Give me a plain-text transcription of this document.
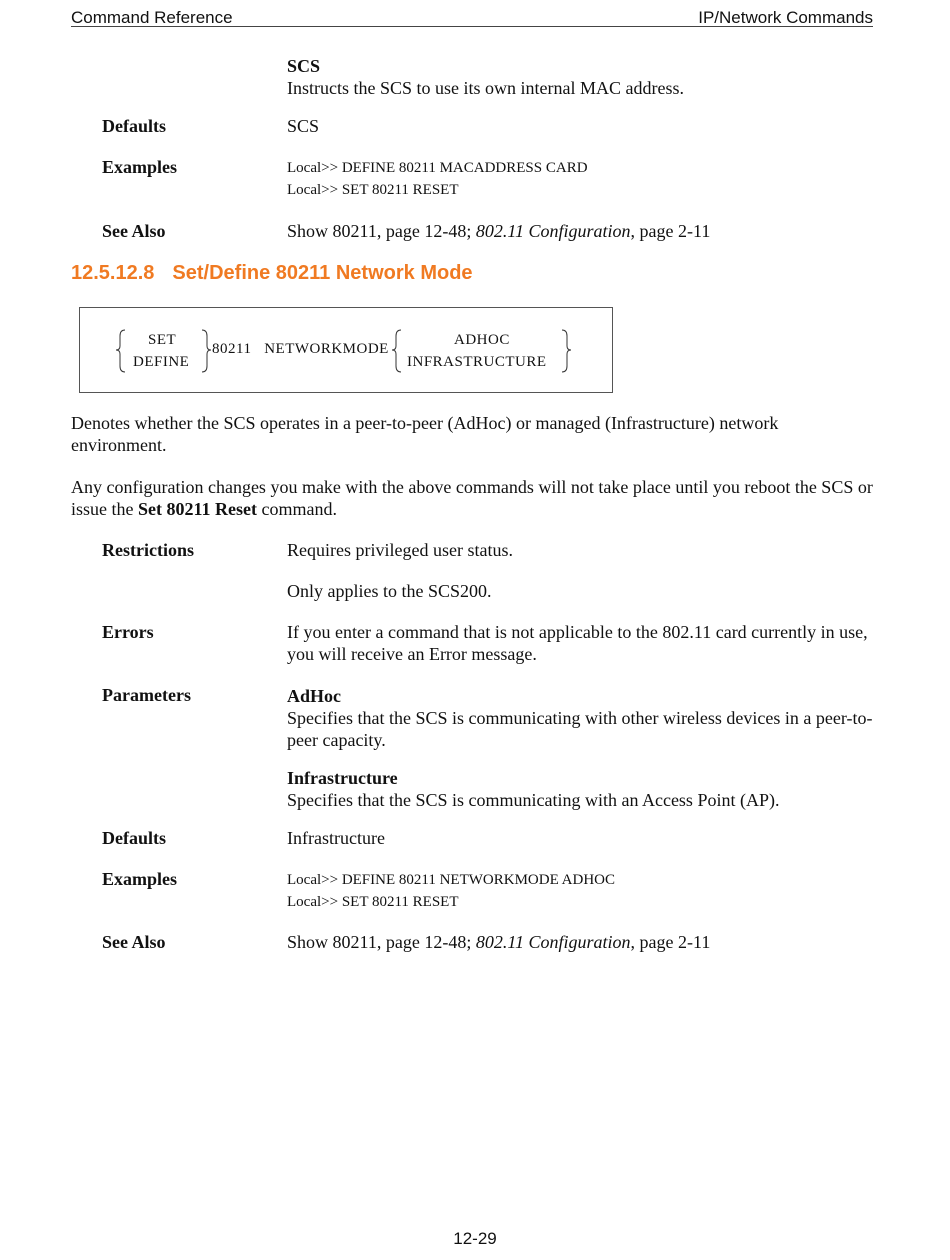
Command Reference	IP/Network Commands
SCS
Instructs the SCS to use its own internal MAC address.
Defaults	SCS
Examples	Local>> DEFINE 80211 MACADDRESS CARD
Local>> SET 80211 RESET
See Also	Show 80211, page 12-48; 802.11 Configuration, page 2-11
12.5.12.8 Set/Define 80211 Network Mode
SET
DEFINE
80211   NETWORKMODE
ADHOC
INFRASTRUCTURE
Denotes whether the SCS operates in a peer-to-peer (AdHoc) or managed (Infrastructure) network environment.
Any configuration changes you make with the above commands will not take place until you reboot the SCS or issue the Set 80211 Reset command.
Restrictions	Requires privileged user status.
Only applies to the SCS200.
Errors	If you enter a command that is not applicable to the 802.11 card currently in use, you will receive an Error message.
Parameters	AdHoc
Specifies that the SCS is communicating with other wireless devices in a peer-to-peer capacity.
Infrastructure
Specifies that the SCS is communicating with an Access Point (AP).
Defaults	Infrastructure
Examples	Local>> DEFINE 80211 NETWORKMODE ADHOC
Local>> SET 80211 RESET
See Also	Show 80211, page 12-48; 802.11 Configuration, page 2-11
12-29
